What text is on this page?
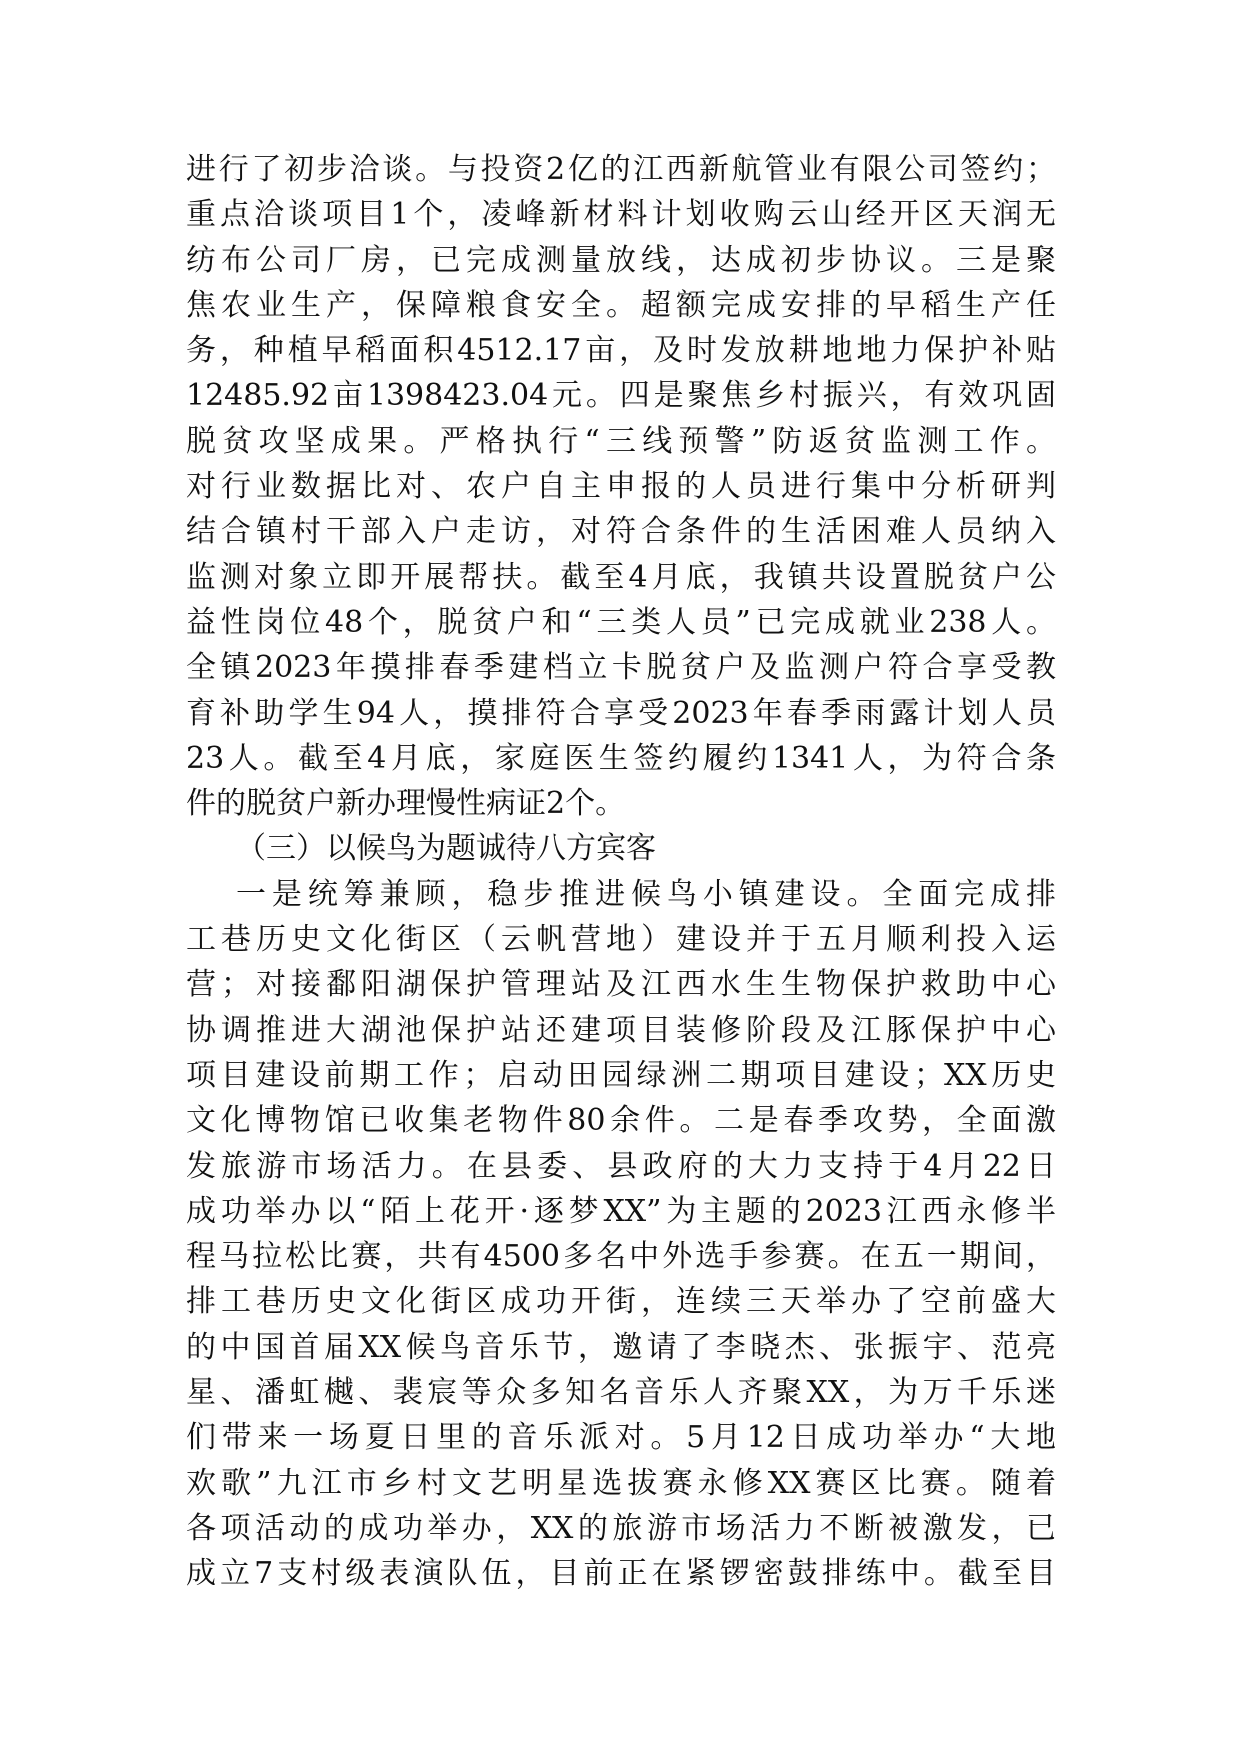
进行了初步洽谈。与投资2亿的江西新航管业有限公司签约；
重点洽谈项目1个，凌峰新材料计划收购云山经开区天润无
纺布公司厂房，已完成测量放线，达成初步协议。三是聚
焦农业生产，保障粮食安全。超额完成安排的早稻生产任
务，种植早稻面积4512.17亩，及时发放耕地地力保护补贴
12485.92亩1398423.04元。四是聚焦乡村振兴，有效巩固
脱贫攻坚成果。严格执行“三线预警”防返贫监测工作。
对行业数据比对、农户自主申报的人员进行集中分析研判
结合镇村干部入户走访，对符合条件的生活困难人员纳入
监测对象立即开展帮扶。截至4月底，我镇共设置脱贫户公
益性岗位48个，脱贫户和“三类人员”已完成就业238人。
全镇2023年摸排春季建档立卡脱贫户及监测户符合享受教
育补助学生94人，摸排符合享受2023年春季雨露计划人员
23人。截至4月底，家庭医生签约履约1341人，为符合条
件的脱贫户新办理慢性病证2个。
（三）以候鸟为题诚待八方宾客
一是统筹兼顾，稳步推进候鸟小镇建设。全面完成排
工巷历史文化街区（云帆营地）建设并于五月顺利投入运
营；对接鄱阳湖保护管理站及江西水生生物保护救助中心
协调推进大湖池保护站还建项目装修阶段及江豚保护中心
项目建设前期工作；启动田园绿洲二期项目建设；XX历史
文化博物馆已收集老物件80余件。二是春季攻势，全面激
发旅游市场活力。在县委、县政府的大力支持于4月22日
成功举办以“陌上花开·逐梦XX”为主题的2023江西永修半
程马拉松比赛，共有4500多名中外选手参赛。在五一期间，
排工巷历史文化街区成功开街，连续三天举办了空前盛大
的中国首届XX候鸟音乐节，邀请了李晓杰、张振宇、范亮
星、潘虹樾、裴宸等众多知名音乐人齐聚XX，为万千乐迷
们带来一场夏日里的音乐派对。5月12日成功举办“大地
欢歌”九江市乡村文艺明星选拔赛永修XX赛区比赛。随着
各项活动的成功举办，XX的旅游市场活力不断被激发，已
成立7支村级表演队伍，目前正在紧锣密鼓排练中。截至目
